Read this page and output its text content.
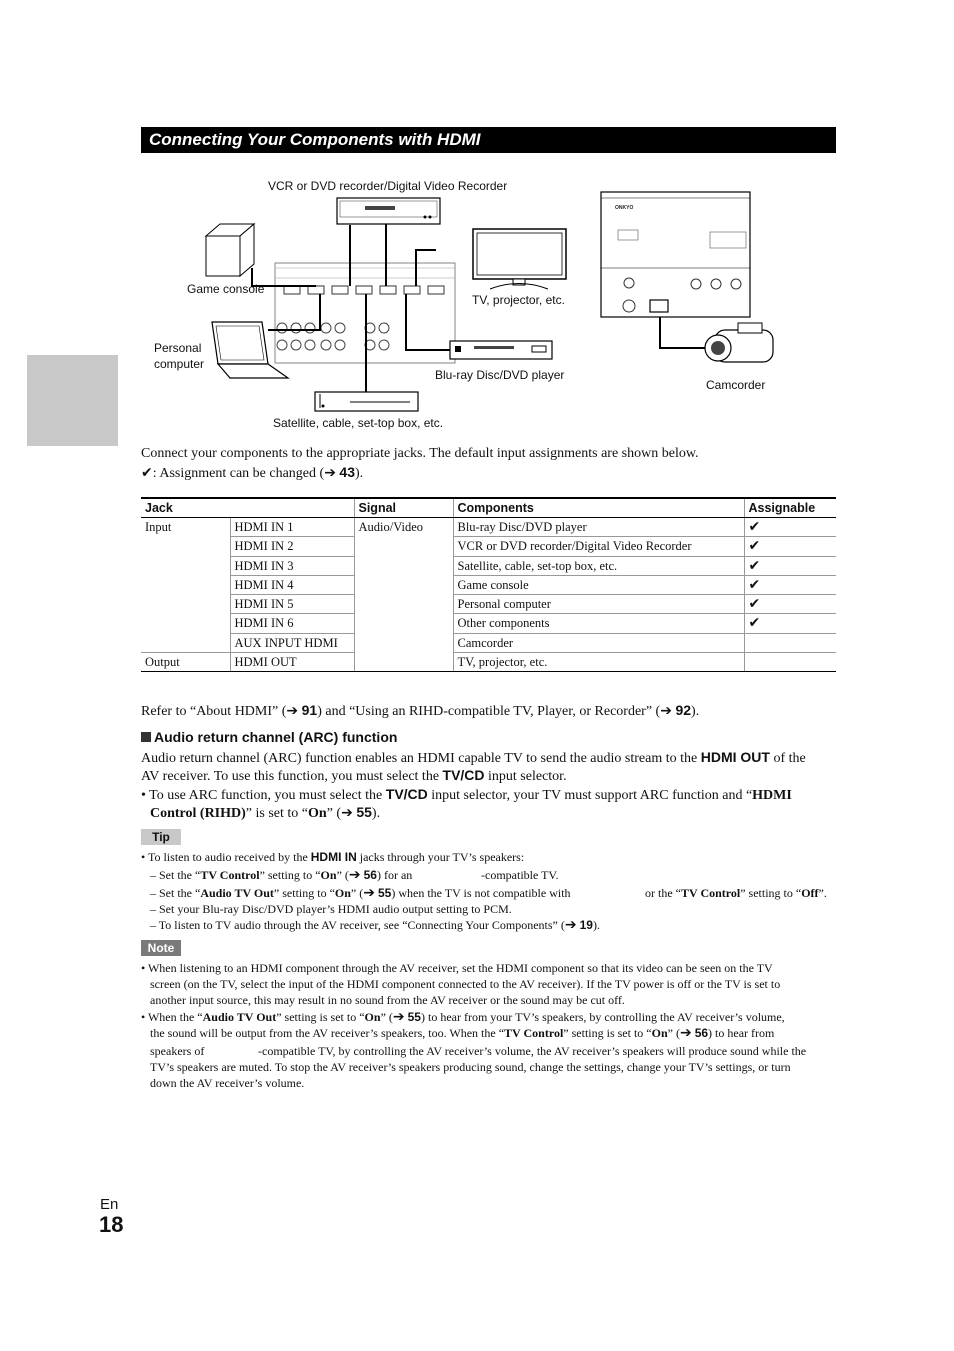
Connecting Your Components with HDMI
ONKYO
VCR or DVD recorder/Digital Video Recorder
Game console
TV, projector, etc.
Personal
computer
Blu-ray Disc/DVD player
Camcorder
Satellite, cable, set-top box, etc.
Connect your components to the appropriate jacks. The default input assignments are shown below.
✔: Assignment can be changed (➔ 43).
Jack		Signal	Components	Assignable
Input	HDMI IN 1	Audio/Video	Blu-ray Disc/DVD player	✔
	HDMI IN 2		VCR or DVD recorder/Digital Video Recorder	✔
	HDMI IN 3		Satellite, cable, set-top box, etc.	✔
	HDMI IN 4		Game console	✔
	HDMI IN 5		Personal computer	✔
	HDMI IN 6		Other components	✔
	AUX INPUT HDMI		Camcorder	
Output	HDMI OUT		TV, projector, etc.	
Refer to “About HDMI” (➔ 91) and “Using an RIHD-compatible TV, Player, or Recorder” (➔ 92).
Audio return channel (ARC) function
Audio return channel (ARC) function enables an HDMI capable TV to send the audio stream to the HDMI OUT of the
AV receiver. To use this function, you must select the TV/CD input selector.
• To use ARC function, you must select the TV/CD input selector, your TV must support ARC function and “HDMI
Control (RIHD)” is set to “On” (➔ 55).
Tip
• To listen to audio received by the HDMI IN jacks through your TV’s speakers:
– Set the “TV Control” setting to “On” (➔ 56) for an	-compatible TV.
– Set the “Audio TV Out” setting to “On” (➔ 55) when the TV is not compatible with	or the “TV Control” setting to “Off”.
– Set your Blu-ray Disc/DVD player’s HDMI audio output setting to PCM.
– To listen to TV audio through the AV receiver, see “Connecting Your Components” (➔ 19).
Note
• When listening to an HDMI component through the AV receiver, set the HDMI component so that its video can be seen on the TV
screen (on the TV, select the input of the HDMI component connected to the AV receiver). If the TV power is off or the TV is set to
another input source, this may result in no sound from the AV receiver or the sound may be cut off.
• When the “Audio TV Out” setting is set to “On” (➔ 55) to hear from your TV’s speakers, by controlling the AV receiver’s volume,
the sound will be output from the AV receiver’s speakers, too. When the “TV Control” setting is set to “On” (➔ 56) to hear from
speakers of	-compatible TV, by controlling the AV receiver’s volume, the AV receiver’s speakers will produce sound while the
TV’s speakers are muted. To stop the AV receiver’s speakers producing sound, change the settings, change your TV’s settings, or turn
down the AV receiver’s volume.
En
18
